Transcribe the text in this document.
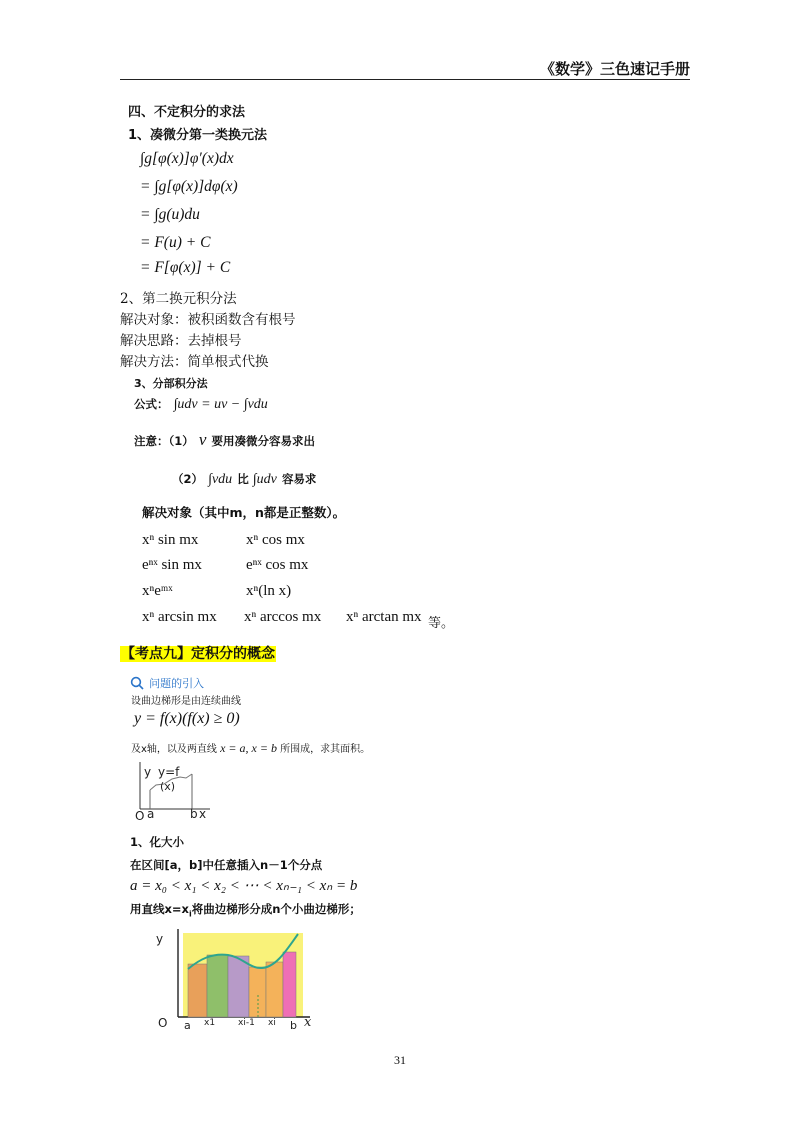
《数学》三色速记手册
四、不定积分的求法
1、凑微分第一类换元法
∫g[φ(x)]φ′(x)dx
= ∫g[φ(x)]dφ(x)
= ∫g(u)du
= F(u) + C
= F[φ(x)] + C
2、第二换元积分法
解决对象：被积函数含有根号
解决思路：去掉根号
解决方法：简单根式代换
3、分部积分法
公式： ∫udv = uv − ∫vdu
注意：（1） v 要用凑微分容易求出
（2） ∫vdu 比 ∫udv 容易求
解决对象（其中m，n都是正整数）。
xⁿ sin mx	xⁿ cos mx
eⁿˣ sin mx	eⁿˣ cos mx
xⁿeᵐˣ	xⁿ(ln x)
xⁿ arcsin mx xⁿ arccos mx xⁿ arctan mx 等。
【考点九】定积分的概念
问题的引入
设曲边梯形是由连续曲线
y = f(x)(f(x) ≥ 0)
及x轴，以及两直线 x = a, x = b 所围成，求其面积。
y y=f
(x)
O a	b x
1、化大小
在区间[a，b]中任意插入n－1个分点
a = x₀ < x₁ < x₂ < ⋯ < xₙ₋₁ < xₙ = b
用直线$x=x_i$将曲边梯形分成n个小曲边梯形；
y
O a x1	xi-1 xi b x
31
